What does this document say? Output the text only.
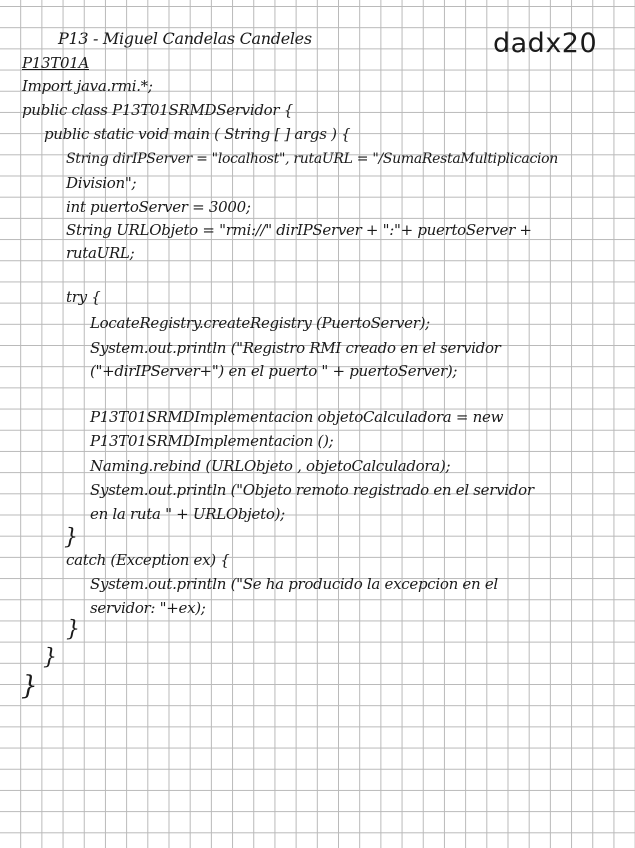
P13 - Miguel Candelas Candeles	dadx20
P13T01A
Import java.rmi.*;
public class P13T01SRMDServidor {
public static void main ( String [ ] args ) {
String dirIPServer = "localhost", rutaURL = "/SumaRestaMultiplicacion
Division";
int puertoServer = 3000;
String URLObjeto = "rmi://" dirIPServer + ":"+ puertoServer +
rutaURL;
try {
LocateRegistry.createRegistry (PuertoServer);
System.out.println ("Registro RMI creado en el servidor
("+dirIPServer+") en el puerto " + puertoServer);
P13T01SRMDImplementacion objetoCalculadora = new
P13T01SRMDImplementacion ();
Naming.rebind (URLObjeto , objetoCalculadora);
System.out.println ("Objeto remoto registrado en el servidor
en la ruta " + URLObjeto);
}
catch (Exception ex) {
System.out.println ("Se ha producido la excepcion en el
servidor: "+ex);
}
}
}
